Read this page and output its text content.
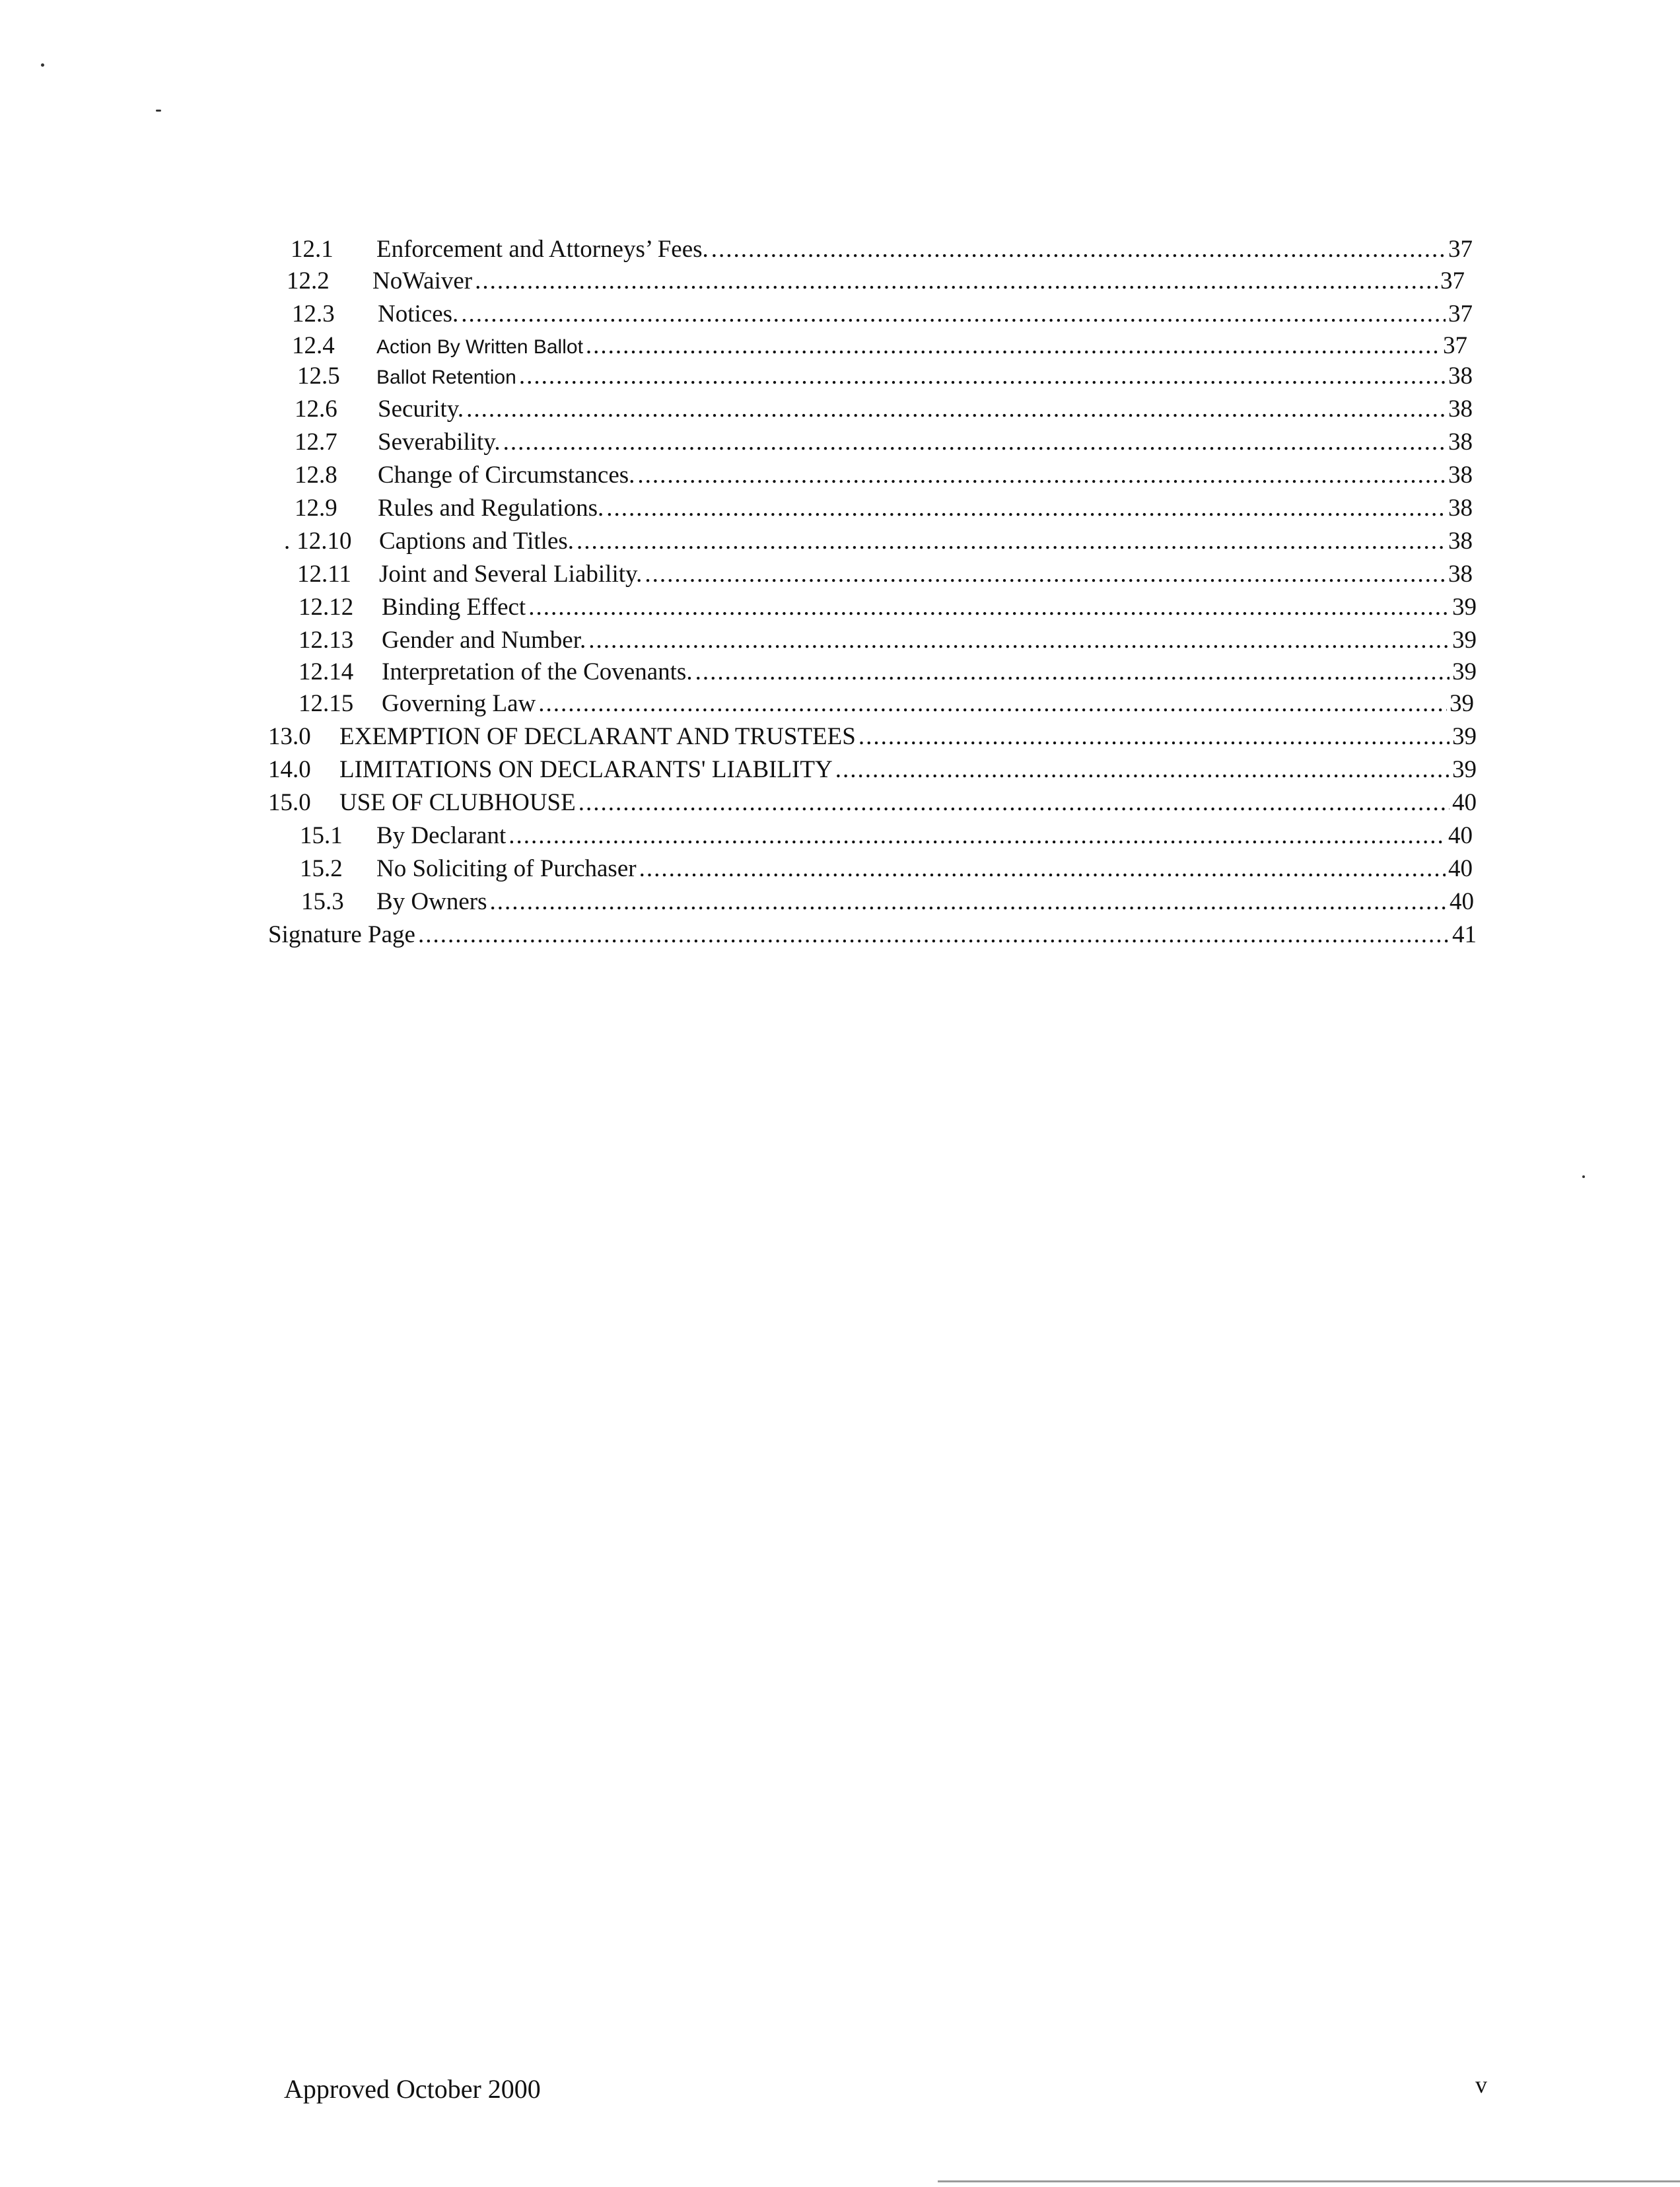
12.1	Enforcement and Attorneys’ Fees. .....	37
12.2	NoWaiver .....	37
12.3	Notices. .....	37
12.4	Action By Written Ballot .....	37
12.5	Ballot Retention .....	38
12.6	Security. .....	38
12.7	Severability. .....	38
12.8	Change of Circumstances. .....	38
12.9	Rules and Regulations. .....	38
. 12.10	Captions and Titles. .....	38
12.11	Joint and Several Liability. .....	38
12.12	Binding Effect .....	39
12.13	Gender and Number. .....	39
12.14	Interpretation of the Covenants. .....	39
12.15	Governing Law .....	39
13.0	EXEMPTION OF DECLARANT AND TRUSTEES .....	39
14.0	LIMITATIONS ON DECLARANTS' LIABILITY .....	39
15.0	USE OF CLUBHOUSE .....	40
15.1	By Declarant .....	40
15.2	No Soliciting of Purchaser .....	40
15.3	By Owners .....	40
Signature Page .....	41
Approved October 2000	v
